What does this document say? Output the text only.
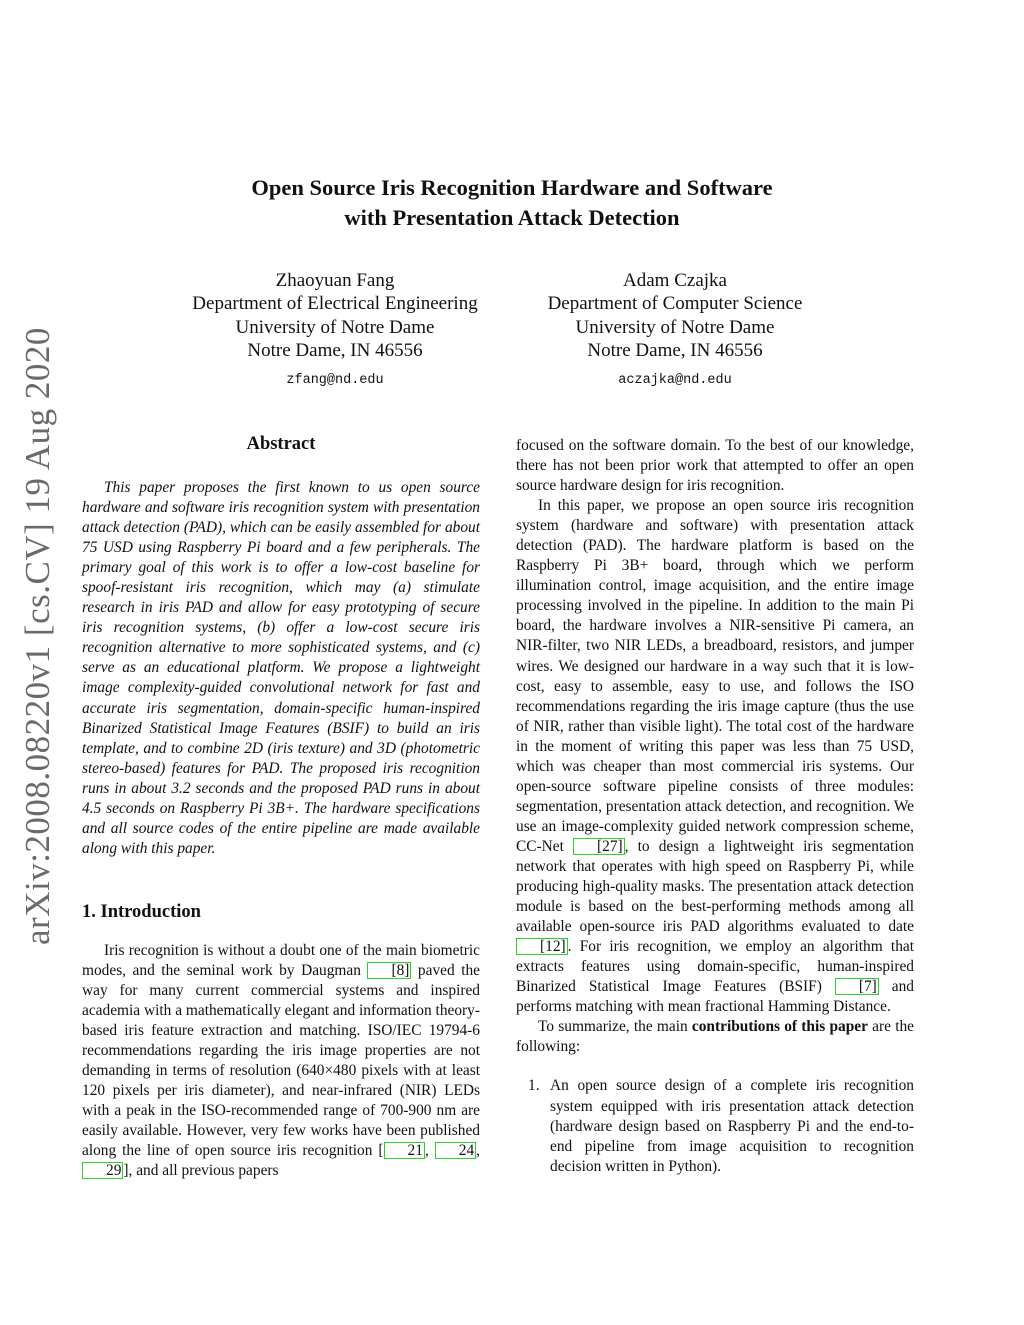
arXiv:2008.08220v1 [cs.CV] 19 Aug 2020
Open Source Iris Recognition Hardware and Software
with Presentation Attack Detection
Zhaoyuan Fang
Department of Electrical Engineering
University of Notre Dame
Notre Dame, IN 46556
zfang@nd.edu
Adam Czajka
Department of Computer Science
University of Notre Dame
Notre Dame, IN 46556
aczajka@nd.edu
Abstract

This paper proposes the first known to us open source hardware and software iris recognition system with presentation attack detection (PAD), which can be easily assembled for about 75 USD using Raspberry Pi board and a few peripherals. The primary goal of this work is to offer a low-cost baseline for spoof-resistant iris recognition, which may (a) stimulate research in iris PAD and allow for easy prototyping of secure iris recognition systems, (b) offer a low-cost secure iris recognition alternative to more sophisticated systems, and (c) serve as an educational platform. We propose a lightweight image complexity-guided convolutional network for fast and accurate iris segmentation, domain-specific human-inspired Binarized Statistical Image Features (BSIF) to build an iris template, and to combine 2D (iris texture) and 3D (photometric stereo-based) features for PAD. The proposed iris recognition runs in about 3.2 seconds and the proposed PAD runs in about 4.5 seconds on Raspberry Pi 3B+. The hardware specifications and all source codes of the entire pipeline are made available along with this paper.

1. Introduction

Iris recognition is without a doubt one of the main biometric modes, and the seminal work by Daugman [8] paved the way for many current commercial systems and inspired academia with a mathematically elegant and information theory-based iris feature extraction and matching. ISO/IEC 19794-6 recommendations regarding the iris image properties are not demanding in terms of resolution (640×480 pixels with at least 120 pixels per iris diameter), and near-infrared (NIR) LEDs with a peak in the ISO-recommended range of 700-900 nm are easily available. However, very few works have been published along the line of open source iris recognition [ 21 , 24 , 29 ], and all previous papers

focused on the software domain. To the best of our knowledge, there has not been prior work that attempted to offer an open source hardware design for iris recognition.

In this paper, we propose an open source iris recognition system (hardware and software) with presentation attack detection (PAD). The hardware platform is based on the Raspberry Pi 3B+ board, through which we perform illumination control, image acquisition, and the entire image processing involved in the pipeline. In addition to the main Pi board, the hardware involves a NIR-sensitive Pi camera, an NIR-filter, two NIR LEDs, a breadboard, resistors, and jumper wires. We designed our hardware in a way such that it is low-cost, easy to assemble, easy to use, and follows the ISO recommendations regarding the iris image capture (thus the use of NIR, rather than visible light). The total cost of the hardware in the moment of writing this paper was less than 75 USD, which was cheaper than most commercial iris systems. Our open-source software pipeline consists of three modules: segmentation, presentation attack detection, and recognition. We use an image-complexity guided network compression scheme, CC-Net [27] , to design a lightweight iris segmentation network that operates with high speed on Raspberry Pi, while producing high-quality masks. The presentation attack detection module is based on the best-performing methods among all available open-source iris PAD algorithms evaluated to date [12] . For iris recognition, we employ an algorithm that extracts features using domain-specific, human-inspired Binarized Statistical Image Features (BSIF) [7] and performs matching with mean fractional Hamming Distance.

To summarize, the main contributions of this paper are the following:

1. An open source design of a complete iris recognition system equipped with iris presentation attack detection (hardware design based on Raspberry Pi and the end-to-end pipeline from image acquisition to recognition decision written in Python).
